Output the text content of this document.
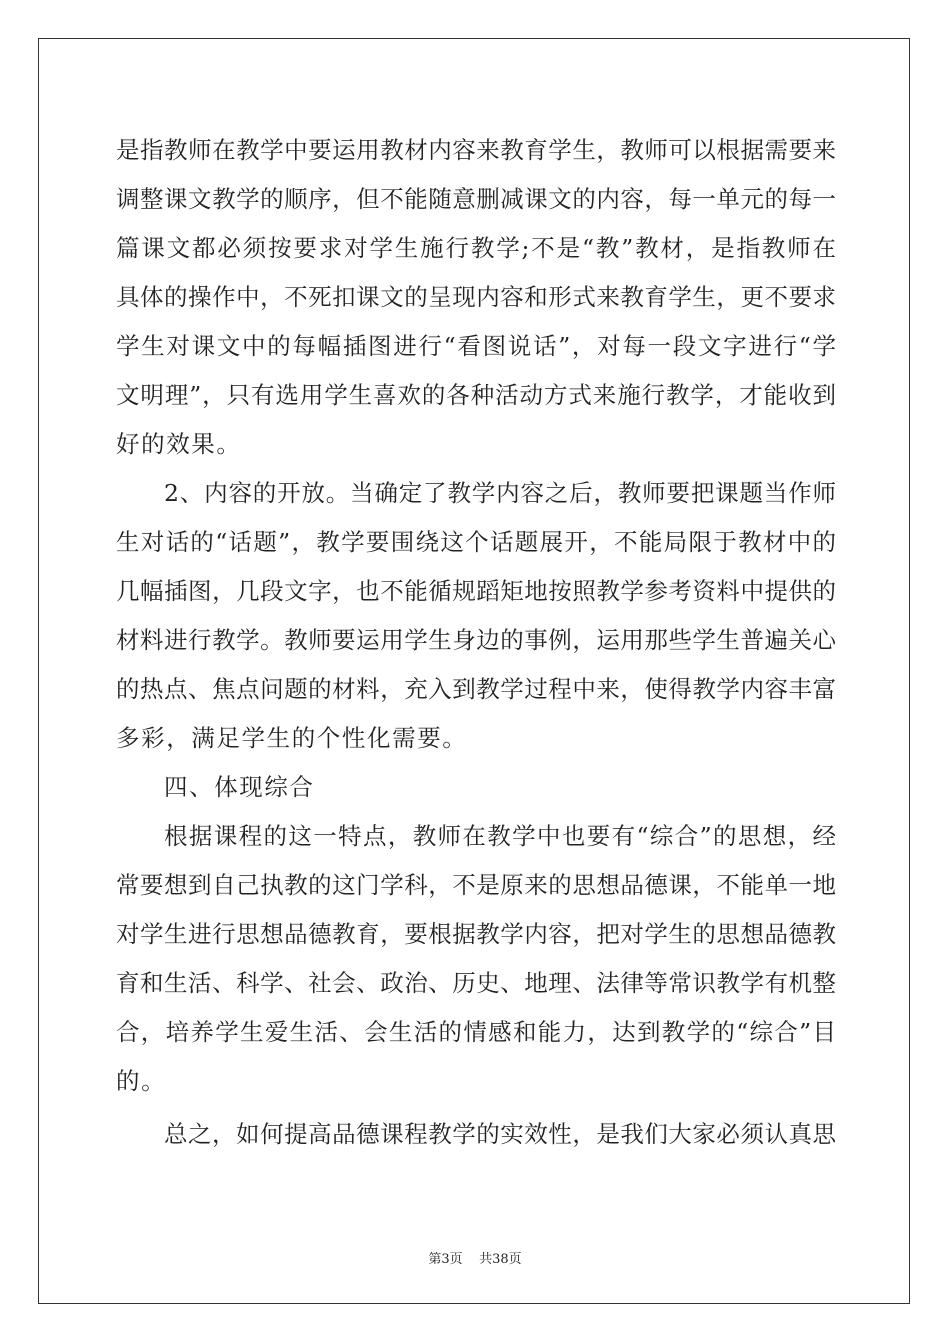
是指教师在教学中要运用教材内容来教育学生，教师可以根据需要来
调整课文教学的顺序，但不能随意删减课文的内容，每一单元的每一
篇课文都必须按要求对学生施行教学;不是“教”教材，是指教师在
具体的操作中，不死扣课文的呈现内容和形式来教育学生，更不要求
学生对课文中的每幅插图进行“看图说话”，对每一段文字进行“学
文明理”，只有选用学生喜欢的各种活动方式来施行教学，才能收到
好的效果。
2、内容的开放。当确定了教学内容之后，教师要把课题当作师
生对话的“话题”，教学要围绕这个话题展开，不能局限于教材中的
几幅插图，几段文字，也不能循规蹈矩地按照教学参考资料中提供的
材料进行教学。教师要运用学生身边的事例，运用那些学生普遍关心
的热点、焦点问题的材料，充入到教学过程中来，使得教学内容丰富
多彩，满足学生的个性化需要。
四、体现综合
根据课程的这一特点，教师在教学中也要有“综合”的思想，经
常要想到自己执教的这门学科，不是原来的思想品德课，不能单一地
对学生进行思想品德教育，要根据教学内容，把对学生的思想品德教
育和生活、科学、社会、政治、历史、地理、法律等常识教学有机整
合，培养学生爱生活、会生活的情感和能力，达到教学的“综合”目
的。
总之，如何提高品德课程教学的实效性，是我们大家必须认真思
第3页 共38页
